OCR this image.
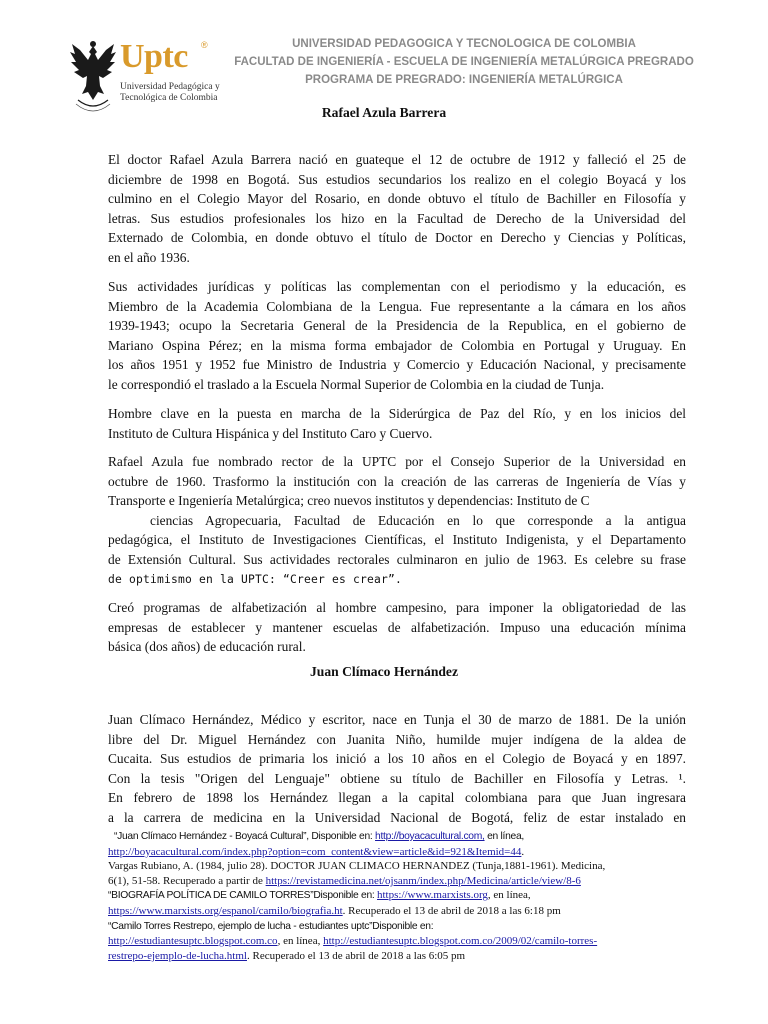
Uptc ®
Universidad Pedagógica y
Tecnológica de Colombia
UNIVERSIDAD PEDAGOGICA Y TECNOLOGICA DE COLOMBIA
FACULTAD DE INGENIERÍA - ESCUELA DE INGENIERÍA METALÚRGICA PREGRADO
PROGRAMA DE PREGRADO: INGENIERÍA METALÚRGICA
Rafael Azula Barrera
El doctor Rafael Azula Barrera nació en guateque el 12 de octubre de 1912 y falleció el 25 de
diciembre de 1998 en Bogotá. Sus estudios secundarios los realizo en el colegio Boyacá y los
culmino en el Colegio Mayor del Rosario, en donde obtuvo el título de Bachiller en Filosofía y
letras. Sus estudios profesionales los hizo en la Facultad de Derecho de la Universidad del
Externado de Colombia, en donde obtuvo el título de Doctor en Derecho y Ciencias y Políticas,
en el año 1936.
Sus actividades jurídicas y políticas las complementan con el periodismo y la educación, es
Miembro de la Academia Colombiana de la Lengua. Fue representante a la cámara en los años
1939-1943; ocupo la Secretaria General de la Presidencia de la Republica, en el gobierno de
Mariano Ospina Pérez; en la misma forma embajador de Colombia en Portugal y Uruguay. En
los años 1951 y 1952 fue Ministro de Industria y Comercio y Educación Nacional, y precisamente
le correspondió el traslado a la Escuela Normal Superior de Colombia en la ciudad de Tunja.
Hombre clave en la puesta en marcha de la Siderúrgica de Paz del Río, y en los inicios del
Instituto de Cultura Hispánica y del Instituto Caro y Cuervo.
Rafael Azula fue nombrado rector de la UPTC por el Consejo Superior de la Universidad en
octubre de 1960. Trasformo la institución con la creación de las carreras de Ingeniería de Vías y
Transporte e Ingeniería Metalúrgica; creo nuevos institutos y dependencias: Instituto de C
ciencias Agropecuaria, Facultad de Educación en lo que corresponde a la antigua
pedagógica, el Instituto de Investigaciones Científicas, el Instituto Indigenista, y el Departamento
de Extensión Cultural. Sus actividades rectorales culminaron en julio de 1963. Es celebre su frase
de optimismo en la UPTC: “Creer es crear”.
Creó programas de alfabetización al hombre campesino, para imponer la obligatoriedad de las
empresas de establecer y mantener escuelas de alfabetización. Impuso una educación mínima
básica (dos años) de educación rural.
Juan Clímaco Hernández
Juan Clímaco Hernández, Médico y escritor, nace en Tunja el 30 de marzo de 1881. De la unión
libre del Dr. Miguel Hernández con Juanita Niño, humilde mujer indígena de la aldea de
Cucaita. Sus estudios de primaria los inició a los 10 años en el Colegio de Boyacá y en 1897.
Con la tesis "Origen del Lenguaje" obtiene su título de Bachiller en Filosofía y Letras. ¹.
En febrero de 1898 los Hernández llegan a la capital colombiana para que Juan ingresara
a la carrera de medicina en la Universidad Nacional de Bogotá, feliz de estar instalado en
“Juan Clímaco Hernández - Boyacá Cultural”, Disponible en: http://boyacacultural.com, en línea,
http://boyacacultural.com/index.php?option=com_content&view=article&id=921&Itemid=44.
Vargas Rubiano, A. (1984, julio 28). DOCTOR JUAN CLIMACO HERNANDEZ (Tunja,1881-1961). Medicina,
6(1), 51-58. Recuperado a partir de https://revistamedicina.net/ojsanm/index.php/Medicina/article/view/8-6
“BIOGRAFÍA POLÍTICA DE CAMILO TORRES”Disponible en: https://www.marxists.org, en línea,
https://www.marxists.org/espanol/camilo/biografia.ht. Recuperado el 13 de abril de 2018 a las 6:18 pm
“Camilo Torres Restrepo, ejemplo de lucha - estudiantes uptc”Disponible en:
http://estudiantesuptc.blogspot.com.co, en línea, http://estudiantesuptc.blogspot.com.co/2009/02/camilo-torres-
restrepo-ejemplo-de-lucha.html. Recuperado el 13 de abril de 2018 a las 6:05 pm
